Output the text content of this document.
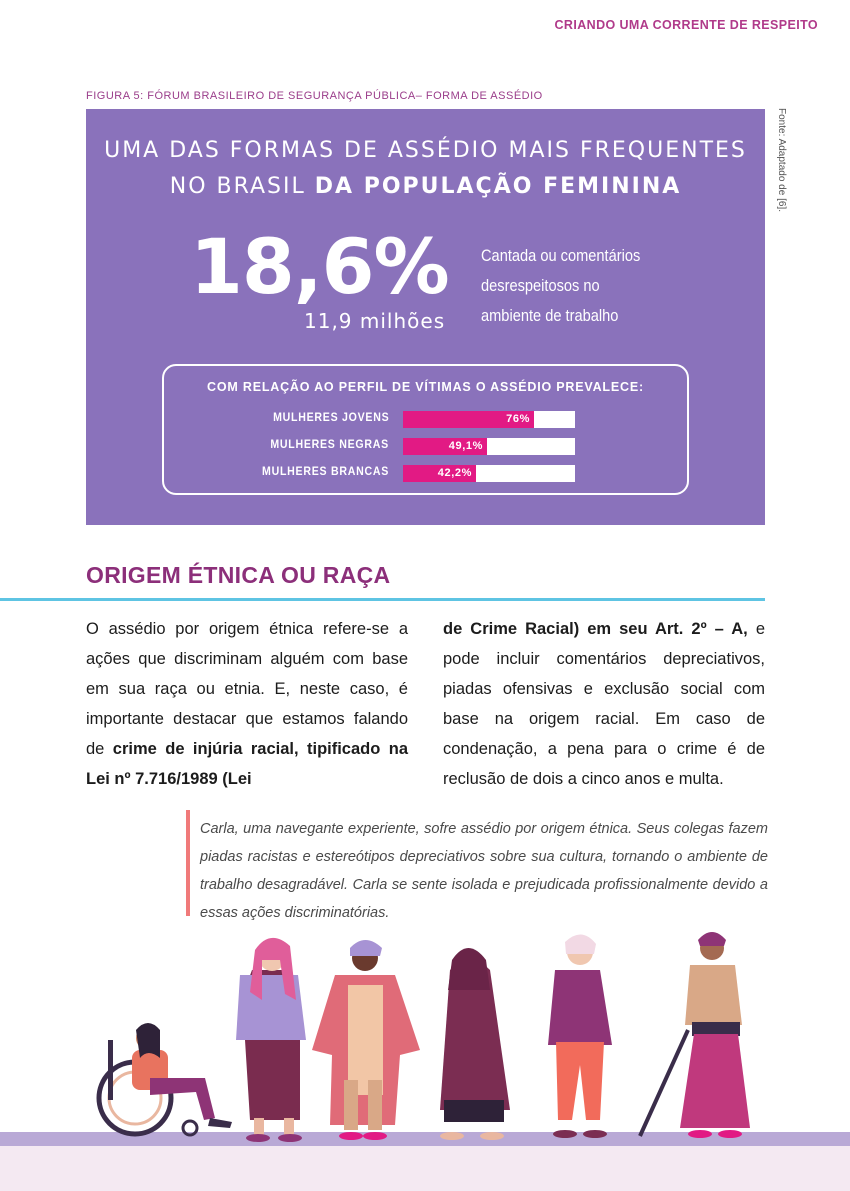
CRIANDO UMA CORRENTE DE RESPEITO
FIGURA 5: FÓRUM BRASILEIRO DE SEGURANÇA PÚBLICA– FORMA DE ASSÉDIO
Fonte: Adaptado de [6].
UMA DAS FORMAS DE ASSÉDIO MAIS FREQUENTES
NO BRASIL DA POPULAÇÃO FEMININA
18,6%
11,9 milhões
Cantada ou comentários desrespeitosos no ambiente de trabalho
COM RELAÇÃO AO PERFIL DE VÍTIMAS O ASSÉDIO PREVALECE:
MULHERES JOVENS	76%
MULHERES NEGRAS	49,1%
MULHERES BRANCAS	42,2%
ORIGEM ÉTNICA OU RAÇA
O assédio por origem étnica refere-se a ações que discriminam alguém com base em sua raça ou etnia. E, neste caso, é importante destacar que estamos falando de crime de injúria racial, tipificado na Lei nº 7.716/1989 (Lei
de Crime Racial) em seu Art. 2º – A, e pode incluir comentários depreciativos, piadas ofensivas e exclusão social com base na origem racial. Em caso de condenação, a pena para o crime é de reclusão de dois a cinco anos e multa.
Carla, uma navegante experiente, sofre assédio por origem étnica. Seus colegas fazem piadas racistas e estereótipos depreciativos sobre sua cultura, tornando o ambiente de trabalho desagradável. Carla se sente isolada e prejudicada profissionalmente devido a essas ações discriminatórias.
